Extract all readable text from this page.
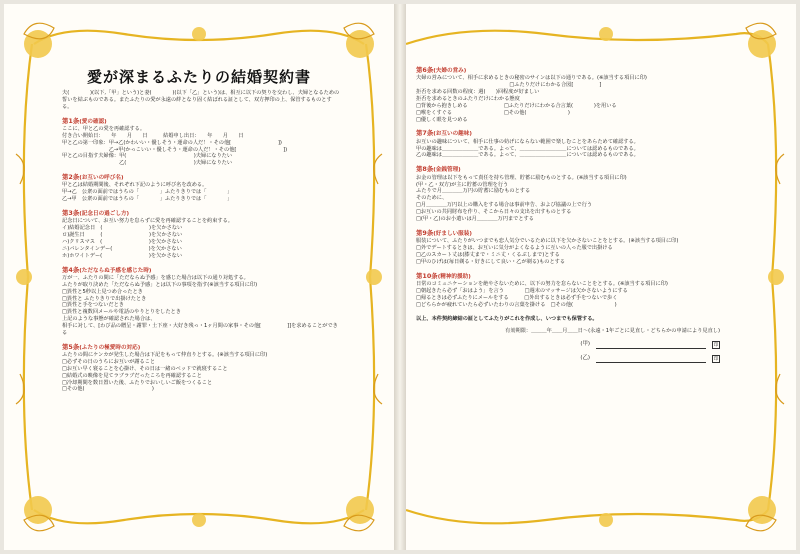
愛が深まるふたりの結婚契約書
夫(　　　　)(以下,「甲」という)と妻(　　　　)(以下「乙」という)は、相互に以下の契りを交わし、夫婦となるための誓いを結ぶものである。またふたりの愛が永遠の絆となり固く結ばれる証として、双方押印の上、保管するものとする。
第1条(愛の確認)
ここに、甲と乙の愛を再確認する。
付き合い開始日：　　年　　月　　日　　　結婚申し出日：　　年　　月　　日
甲と乙の第一印象：甲→乙(かわいい・優しそう・運命の人だ！・その他[　　　　　　　　　])
　　　　　　　　　乙→甲(かっこいい・優しそう・運命の人だ！・その他[　　　　　　　　　])
甲と乙の目指す夫婦像：甲(　　　　　　　　　　　　　)夫婦になりたい
　　　　　　　　　　　乙(　　　　　　　　　　　　　)夫婦になりたい
第2条(お互いの呼び名)
甲と乙は結婚期間後、それぞれ下記のように呼び名を改める。
甲→乙　公衆の面前ではうちの「　　　　」ふたりきりでは「　　　　」
乙→甲　公衆の面前ではうちの「　　　　」ふたりきりでは「　　　　」
第3条(記念日の過ごし方)
記念日について、お互い努力を怠らずに愛を再確認することを約束する。
イ)結婚記念日　(　　　　　　　　　)を欠かさない
ロ)誕生日　　　(　　　　　　　　　)を欠かさない
ハ)クリスマス　(　　　　　　　　　)を欠かさない
ニ)バレンタインデー(　　　　　　　)を欠かさない
ホ)ホワイトデー(　　　　　　　　　)を欠かさない
第4条(ただならぬ予感を感じた時)
万が一、ふたりの間に「ただならぬ予感」を感じた場合は以下の通り対処する。
ふたりが取り決めた「ただならぬ予感」とは以下の事項を指す(※該当する項目に印)
□異性と5秒以上見つめ合ったとき
□異性と ふたりきりで出掛けたとき
□異性と手をつないだとき
□異性と複数回メールや電話のやりとりをしたとき
上記のような事態が確認された場合は、
相手に対して、[わび品の贈呈・謝罪・土下座・大好き残っ・1ヶ月間の家事・その他[　　　　　]]を求めることができる
第5条(ふたりの極愛時の対応)
ふたりの間にケンカが発生した場合は下記をもって仲直りとする。(※該当する項目に印)
□必ずその日のうちにお互いが謝ること
□お互い早く寝ることを心掛け、その日は一緒のベッドで就寝すること
□結婚式の映像を見てラブラブだったころを再確認すること
□冷却期間を数日置いた後、ふたりでおいしいご飯をつくること
□その他(　　　　　　　　　　　　　)
第6条(夫婦の営み)
夫婦の営みについて、相手に求めるときの秘密のサインは以下の通りである。(※該当する項目に印)
　　　　　　　　　　　　　　　　　　□ふたりだけにわかる合図[　　　　　]
拒否を求める回数の程度：週(　　)回程度が好ましい
拒否を求めるときのふたりだけにわかる態度
□背後から抱きしめる　　　　　　　□ふたりだけにわかる合言葉(　　　　)を用いる
□喉をくすぐる　　　　　　　　　　□その他(　　　　　　　　)
□優しく眼を見つめる
第7条(お互いの趣味)
お互いの趣味について、相手に仕事の妨げにならない範囲で楽しむことをあらためて確認する。
甲の趣味は＿＿＿＿＿＿＿である。よって、＿＿＿＿＿＿＿＿＿については認めるものである。
乙の趣味は＿＿＿＿＿＿＿である。よって、＿＿＿＿＿＿＿＿＿については認めるものである。
第8条(金銭管理)
お金の管理は以下をもって責任を持ち管理、貯蓄に励むものとする。(※該当する項目に印)
(甲・乙・双方)が主に貯蓄の管理を行う
ふたりで月＿＿＿＿万円の貯蓄に励むものとする
そのために、
□月＿＿＿＿万円以上の購入をする場合は事前申告、および協議の上で行う
□お互いの共同財布を作り、そこから日々の支出を出すものとする
□(甲・乙)のお小遣いは月＿＿＿＿万円までとする
第9条(好ましい服装)
服装について、ふたりがいつまでも恋人気分でいるために以下を欠かさないことをとする。(※該当する項目に印)
□外でデートするときは、お互いに気分がよくなるように互いの人った服で出掛ける
□乙のスカート丈は(膝丈まで・ミニ丈・くるぶしまで)とする
□甲のひげは(毎日剃る・好きにして良い・乙が剃る)ものとする
第10条(精神的援助)
日常のコミュニケーションを絶やさないために、以下の努力を怠らないことをとする。(※該当する項目に印)
□朝起きたら必ず「おはよう」を言う　　　　□週末のマッサージは欠かさないようにする
□帰るときは必ずふたりにメールをする　　　□外出するときは必ず手をつないで歩く
□どちらかが疲れていたら必ずいたわりの言葉を掛ける　□その他(　　　　　　　　)
以上、本件契約締結の証としてふたりがこれを作成し、いつまでも保管する。
有効期限：＿＿＿年＿＿月＿＿日〜(永遠・1年ごとに見直し・どちらかの申請により見直し)
(甲)	印
(乙)	印
